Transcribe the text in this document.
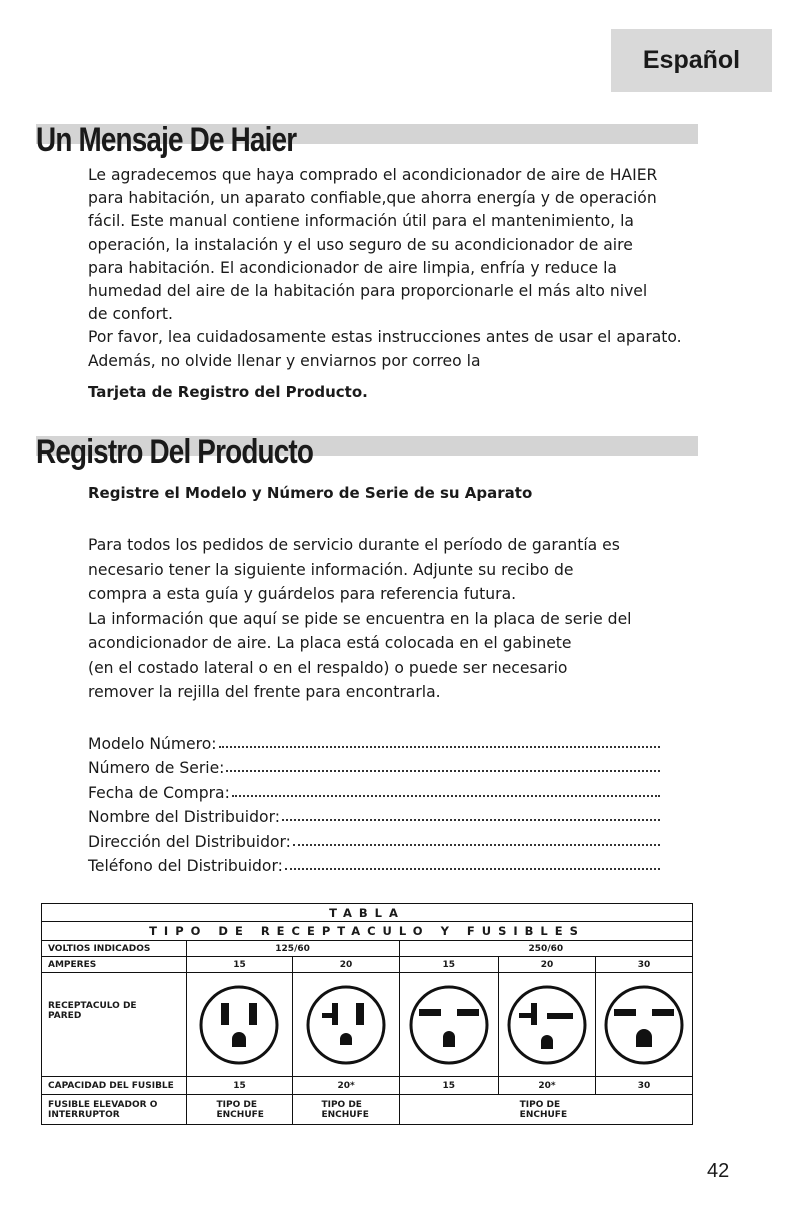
Español
Un Mensaje De Haier
Le agradecemos que haya comprado el acondicionador de aire de HAIER
para habitación, un aparato confiable,que ahorra energía y de operación
fácil. Este manual contiene información útil para el mantenimiento, la
operación, la instalación y el uso seguro de su acondicionador de aire
para habitación. El acondicionador de aire limpia, enfría y reduce la
humedad del aire de la habitación para proporcionarle el más alto nivel
de confort.
Por favor, lea cuidadosamente estas instrucciones antes de usar el aparato.
Además, no olvide llenar y enviarnos por correo la
Tarjeta de Registro del Producto.
Registro Del Producto
Registre el Modelo y Número de Serie de su Aparato
Para todos los pedidos de servicio durante el período de garantía es
necesario tener la siguiente información. Adjunte su recibo de
compra a esta guía y guárdelos para referencia futura.
La información que aquí se pide se encuentra en la placa de serie del
acondicionador de aire. La placa está colocada en el gabinete
(en el costado lateral o en el respaldo) o puede ser necesario
remover la rejilla del frente para encontrarla.
Modelo Número:
Número de Serie:
Fecha de Compra:
Nombre del Distribuidor:
Dirección del Distribuidor:
Teléfono del Distribuidor:
TABLA					
TIPO DE RECEPTACULO Y FUSIBLES					
VOLTIOS INDICADOS	125/60		250/60		
AMPERES	15	20	15	20	30

RECEPTACULO DE PARED

CAPACIDAD DEL FUSIBLE	15	20*	15	20*	30

FUSIBLE ELEVADOR O INTERRUPTOR	TIPO DE ENCHUFE	TIPO DE ENCHUFE	TIPO DE ENCHUFE		
42
